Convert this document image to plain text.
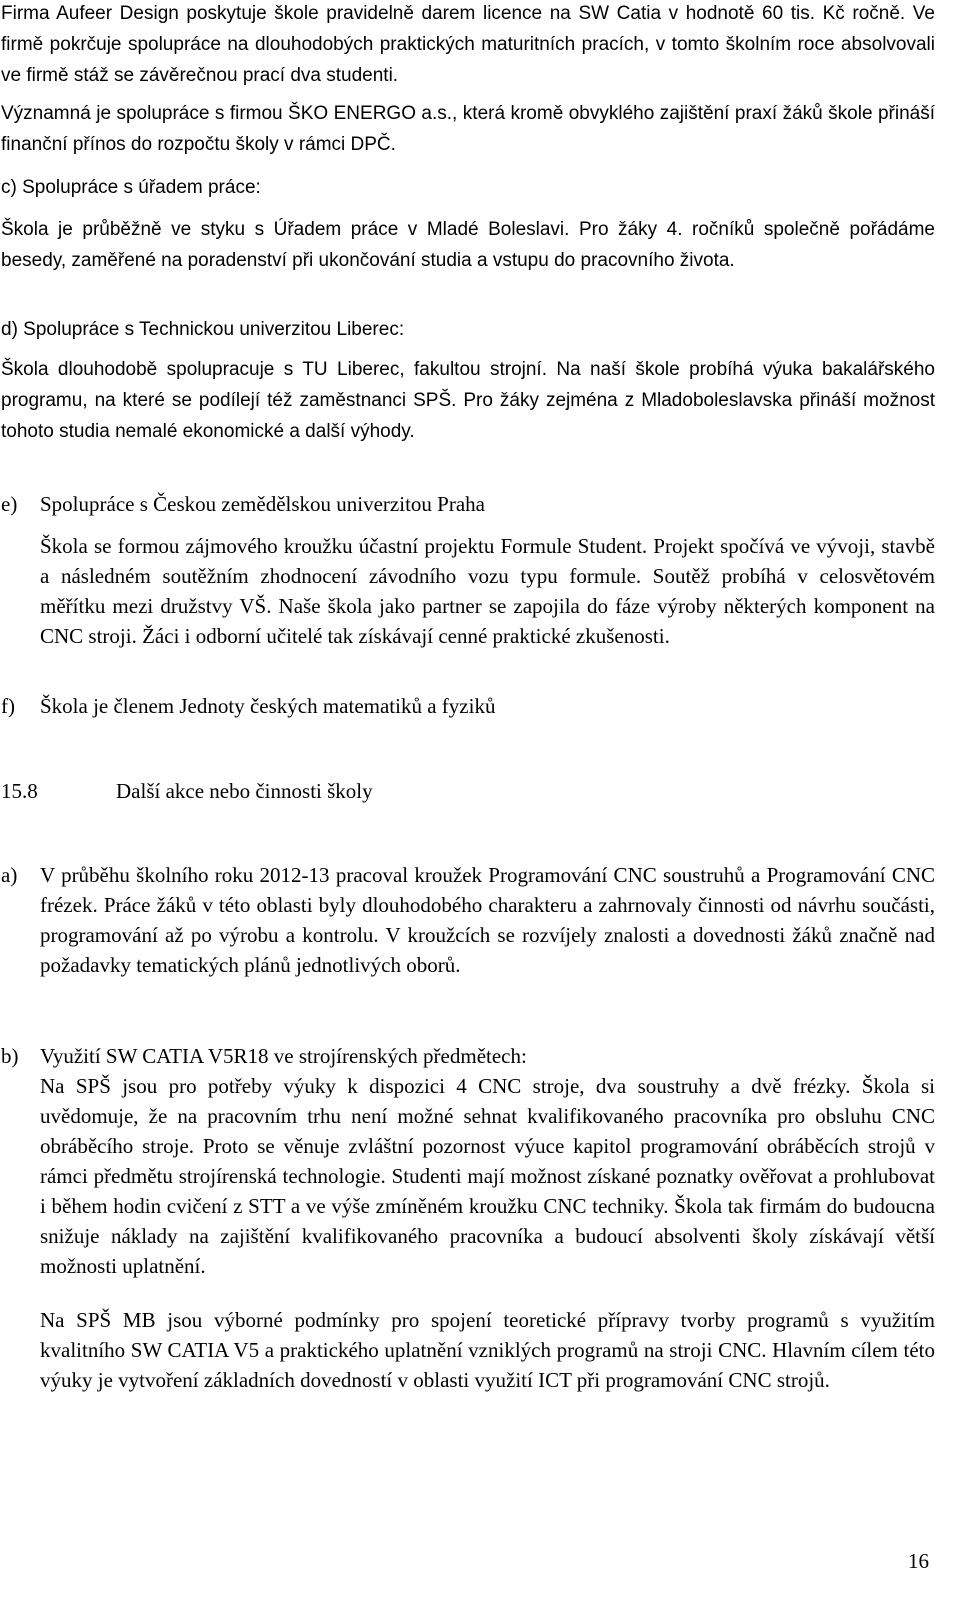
Firma Aufeer Design poskytuje škole pravidelně darem licence na SW Catia v hodnotě 60 tis. Kč ročně. Ve firmě pokrčuje spolupráce na dlouhodobých praktických maturitních pracích, v tomto školním roce absolvovali ve firmě stáž se závěrečnou prací dva studenti.

Významná je spolupráce s firmou ŠKO ENERGO a.s., která kromě obvyklého zajištění praxí žáků škole přináší finanční přínos do rozpočtu školy v rámci DPČ.

c) Spolupráce s úřadem práce:

Škola je průběžně ve styku s Úřadem práce v Mladé Boleslavi. Pro žáky 4. ročníků společně pořádáme besedy, zaměřené na poradenství při ukončování studia a vstupu do pracovního života.

d) Spolupráce s Technickou univerzitou Liberec:

Škola dlouhodobě spolupracuje s TU Liberec, fakultou strojní. Na naší škole probíhá výuka bakalářského programu, na které se podílejí též zaměstnanci SPŠ. Pro žáky zejména z Mladoboleslavska přináší možnost tohoto studia nemalé ekonomické a další výhody.

e) Spolupráce s Českou zemědělskou univerzitou Praha

Škola se formou zájmového kroužku účastní projektu Formule Student. Projekt spočívá ve vývoji, stavbě a následném soutěžním zhodnocení závodního vozu typu formule. Soutěž probíhá v celosvětovém měřítku mezi družstvy VŠ. Naše škola jako partner se zapojila do fáze výroby některých komponent na CNC stroji. Žáci i odborní učitelé tak získávají cenné praktické zkušenosti.

f) Škola je členem Jednoty českých matematiků a fyziků

15.8	Další akce nebo činnosti školy
a) V průběhu školního roku 2012-13 pracoval kroužek Programování CNC soustruhů a Programování CNC frézek. Práce žáků v této oblasti byly dlouhodobého charakteru a zahrnovaly činnosti od návrhu součásti, programování až po výrobu a kontrolu. V kroužcích se rozvíjely znalosti a dovednosti žáků značně nad požadavky tematických plánů jednotlivých oborů.

b) Využití SW CATIA V5R18 ve strojírenských předmětech:

Na SPŠ jsou pro potřeby výuky k dispozici 4 CNC stroje, dva soustruhy a dvě frézky. Škola si uvědomuje, že na pracovním trhu není možné sehnat kvalifikovaného pracovníka pro obsluhu CNC obráběcího stroje. Proto se věnuje zvláštní pozornost výuce kapitol programování obráběcích strojů v rámci předmětu strojírenská technologie. Studenti mají možnost získané poznatky ověřovat a prohlubovat i během hodin cvičení z STT a ve výše zmíněném kroužku CNC techniky. Škola tak firmám do budoucna snižuje náklady na zajištění kvalifikovaného pracovníka a budoucí absolventi školy získávají větší možnosti uplatnění.

Na SPŠ MB jsou výborné podmínky pro spojení teoretické přípravy tvorby programů s využitím kvalitního SW CATIA V5 a praktického uplatnění vzniklých programů na stroji CNC. Hlavním cílem této výuky je vytvoření základních dovedností v oblasti využití ICT při programování CNC strojů.

16
